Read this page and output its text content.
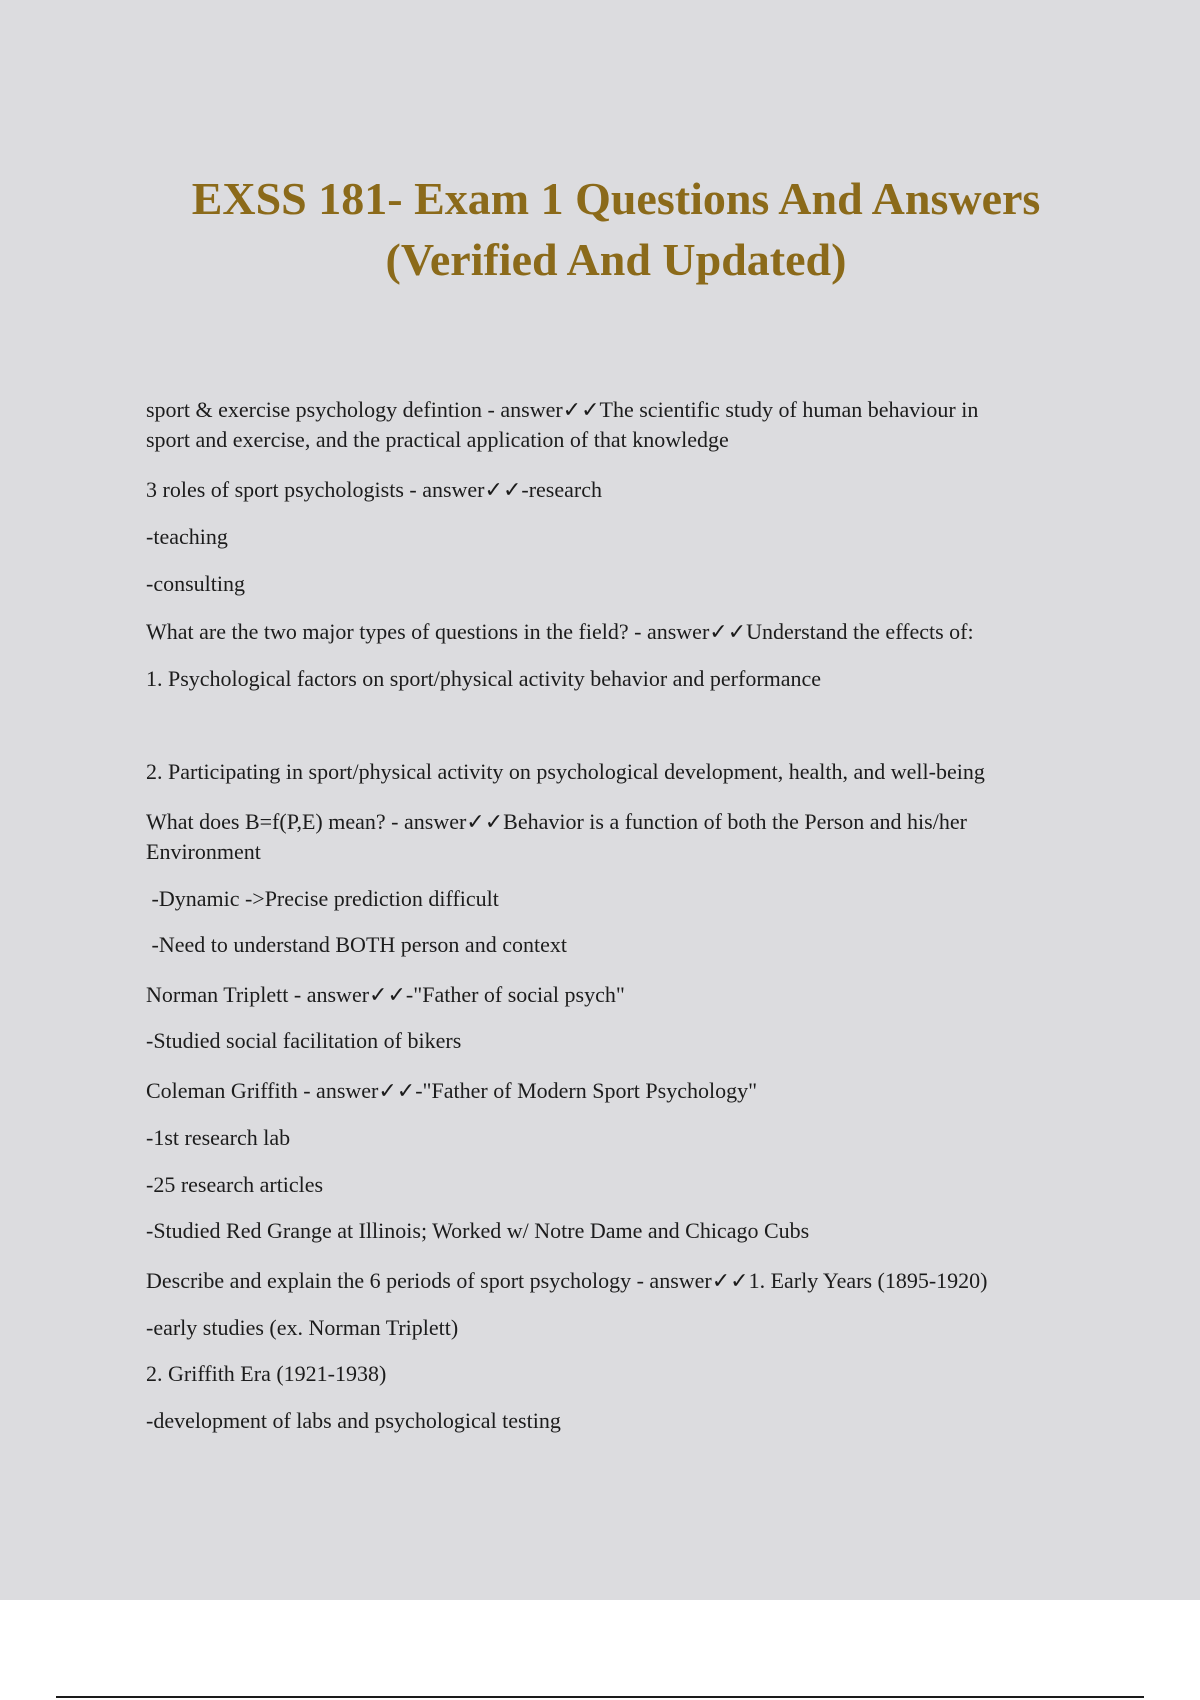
EXSS 181- Exam 1 Questions And Answers
(Verified And Updated)
sport & exercise psychology defintion - answer✓✓The scientific study of human behaviour in
sport and exercise, and the practical application of that knowledge
3 roles of sport psychologists - answer✓✓-research
-teaching
-consulting
What are the two major types of questions in the field? - answer✓✓Understand the effects of:
1. Psychological factors on sport/physical activity behavior and performance
2. Participating in sport/physical activity on psychological development, health, and well-being
What does B=f(P,E) mean? - answer✓✓Behavior is a function of both the Person and his/her
Environment
-Dynamic ->Precise prediction difficult
-Need to understand BOTH person and context
Norman Triplett - answer✓✓-"Father of social psych"
-Studied social facilitation of bikers
Coleman Griffith - answer✓✓-"Father of Modern Sport Psychology"
-1st research lab
-25 research articles
-Studied Red Grange at Illinois; Worked w/ Notre Dame and Chicago Cubs
Describe and explain the 6 periods of sport psychology - answer✓✓1. Early Years (1895-1920)
-early studies (ex. Norman Triplett)
2. Griffith Era (1921-1938)
-development of labs and psychological testing
